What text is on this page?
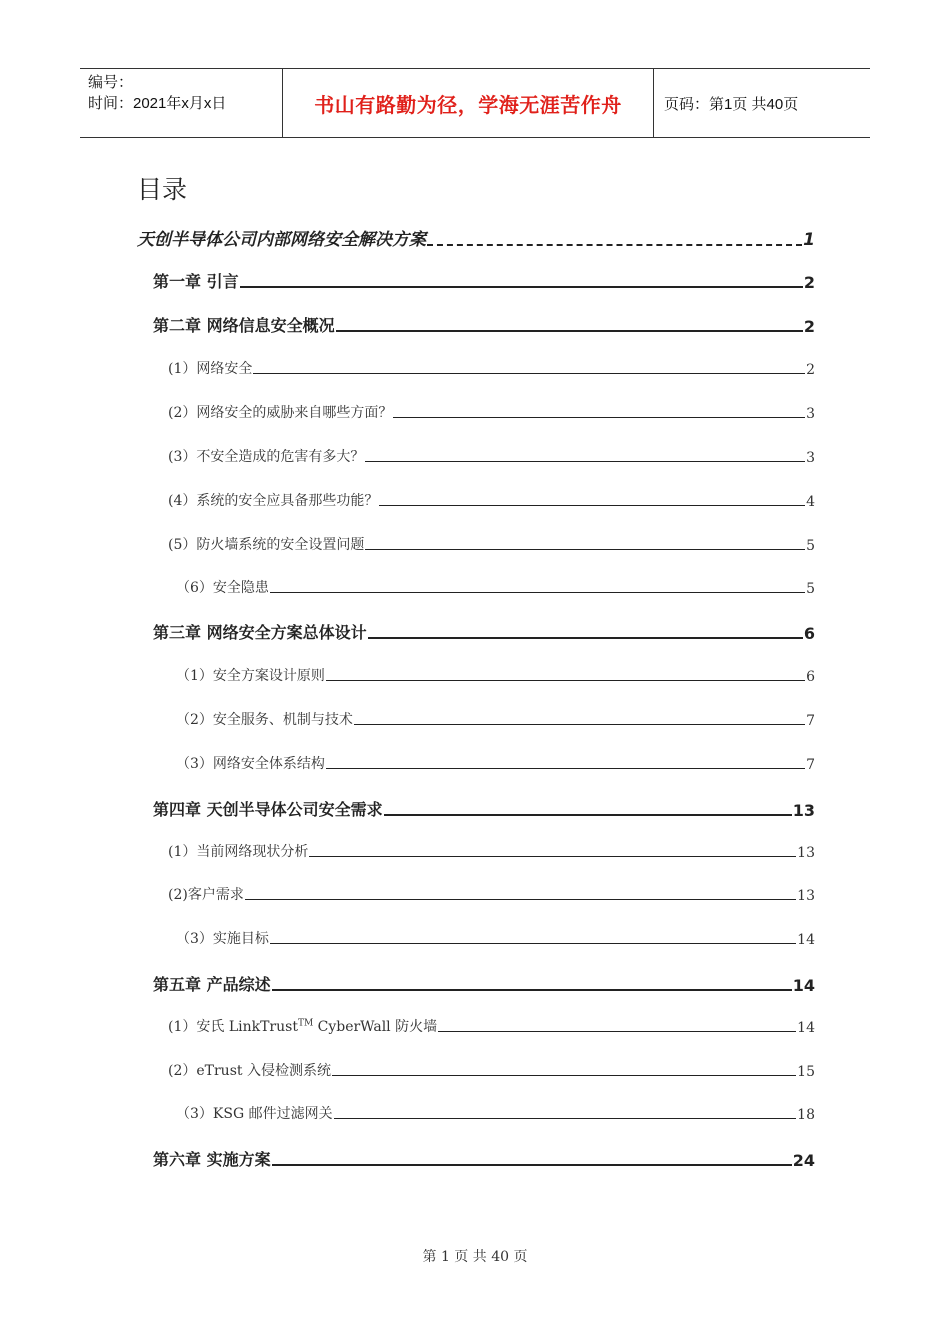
编号：
时间：2021年x月x日	书山有路勤为径，学海无涯苦作舟	页码：第1页 共40页
目录
天创半导体公司内部网络安全解决方案	1
第一章 引言	2
第二章 网络信息安全概况	2
(1）网络安全	2
(2）网络安全的威胁来自哪些方面？	3
(3）不安全造成的危害有多大？	3
(4）系统的安全应具备那些功能？	4
(5）防火墙系统的安全设置问题	5
（6）安全隐患	5
第三章 网络安全方案总体设计	6
（1）安全方案设计原则	6
（2）安全服务、机制与技术	7
（3）网络安全体系结构	7
第四章 天创半导体公司安全需求	13
(1）当前网络现状分析	13
(2)客户需求	13
（3）实施目标	14
第五章 产品综述	14
(1）安氏 LinkTrust™ CyberWall 防火墙	14
(2）eTrust 入侵检测系统	15
（3）KSG 邮件过滤网关	18
第六章 实施方案	24
第 1 页 共 40 页
